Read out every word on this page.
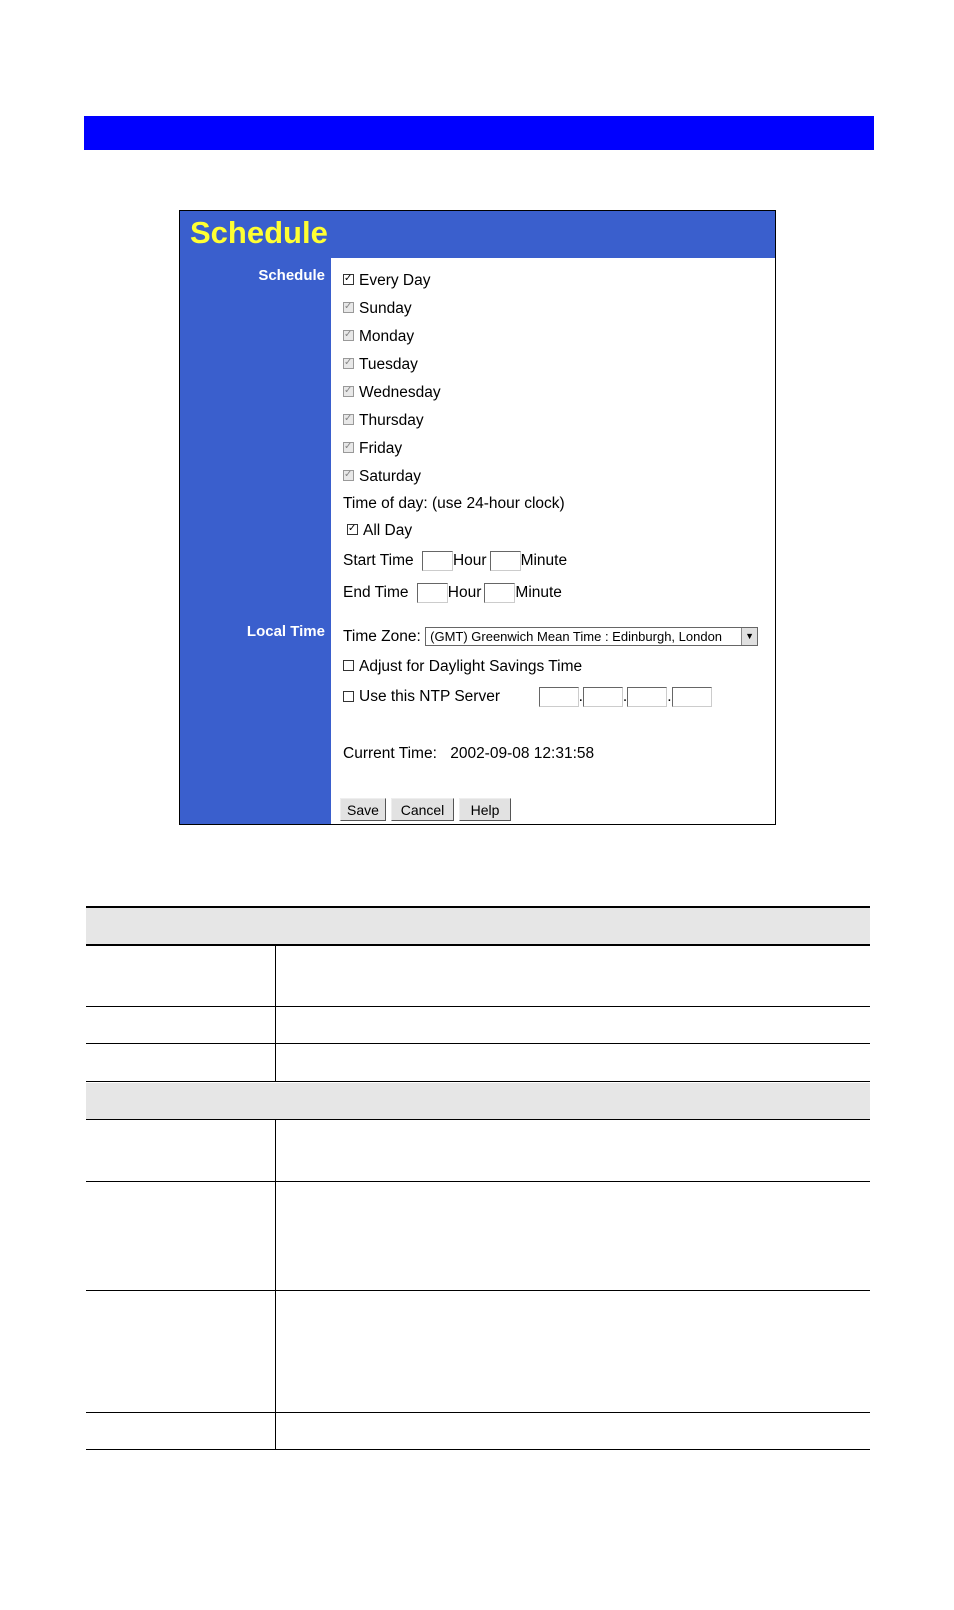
Schedule
Schedule
Local Time
✓Every Day
✓Sunday
✓Monday
✓Tuesday
✓Wednesday
✓Thursday
✓Friday
✓Saturday
Time of day: (use 24-hour clock)
✓All Day
Start Time	Hour Minute
End Time	Hour Minute
Time Zone: (GMT) Greenwich Mean Time : Edinburgh, London	▼
Adjust for Daylight Savings Time
Use this NTP Server	.	.	.
Current Time: 2002-09-08 12:31:58
Save	Cancel	Help
